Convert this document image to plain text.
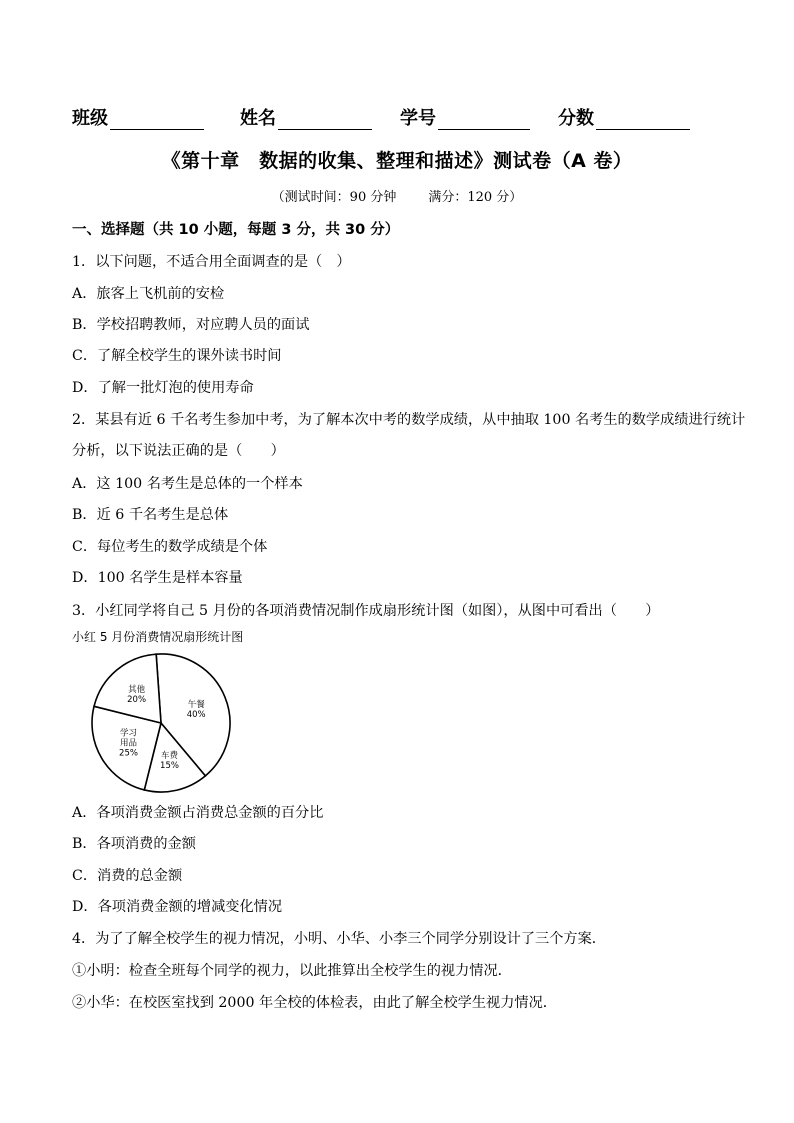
班级	姓名	学号	分数
《第十章　数据的收集、整理和描述》测试卷（A 卷）
（测试时间：90 分钟 满分：120 分）
一、选择题（共 10 小题，每题 3 分，共 30 分）
1．以下问题，不适合用全面调查的是（　）
A．旅客上飞机前的安检
B．学校招聘教师，对应聘人员的面试
C．了解全校学生的课外读书时间
D．了解一批灯泡的使用寿命
2．某县有近 6 千名考生参加中考，为了解本次中考的数学成绩，从中抽取 100 名考生的数学成绩进行统计
分析，以下说法正确的是（　　）
A．这 100 名考生是总体的一个样本
B．近 6 千名考生是总体
C．每位考生的数学成绩是个体
D．100 名学生是样本容量
3．小红同学将自己 5 月份的各项消费情况制作成扇形统计图（如图），从图中可看出（　　）
小红 5 月份消费情况扇形统计图
午餐
40%
车费
15%
学习
用品
25%
其他
20%
A．各项消费金额占消费总金额的百分比
B．各项消费的金额
C．消费的总金额
D．各项消费金额的增减变化情况
4．为了了解全校学生的视力情况，小明、小华、小李三个同学分别设计了三个方案．
①小明：检查全班每个同学的视力，以此推算出全校学生的视力情况．
②小华：在校医室找到 2000 年全校的体检表，由此了解全校学生视力情况．
